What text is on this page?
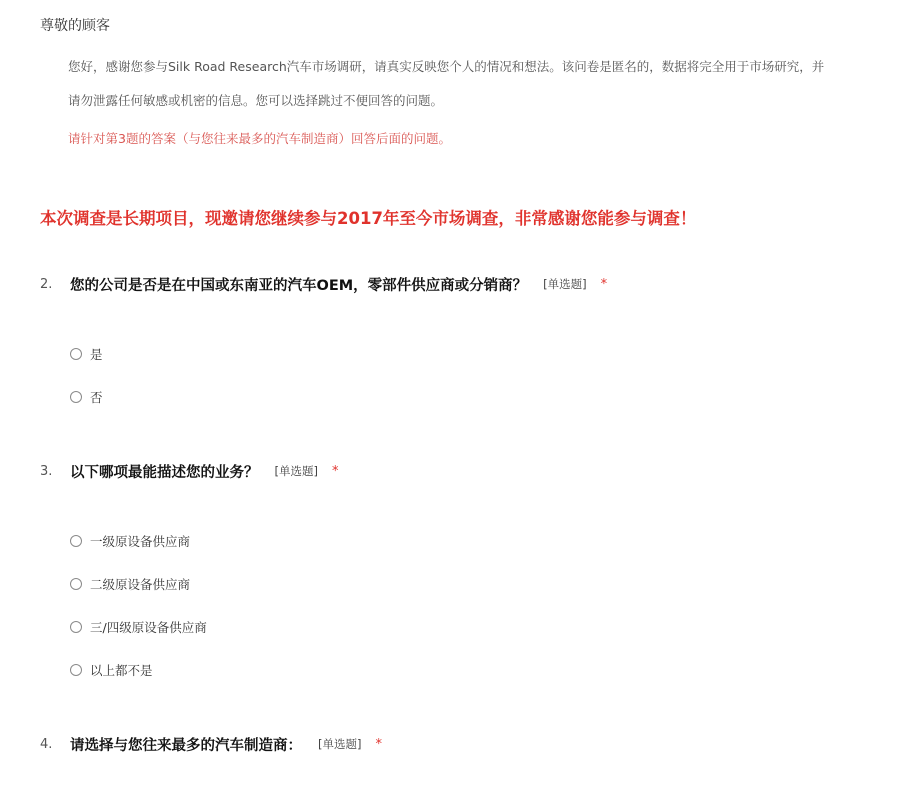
尊敬的顾客
您好，感谢您参与Silk Road Research汽车市场调研，请真实反映您个人的情况和想法。该问卷是匿名的，数据将完全用于市场研究，并
请勿泄露任何敏感或机密的信息。您可以选择跳过不便回答的问题。
请针对第3题的答案（与您往来最多的汽车制造商）回答后面的问题。
本次调查是长期项目，现邀请您继续参与2017年至今市场调查，非常感谢您能参与调查！
2.	您的公司是否是在中国或东南亚的汽车OEM，零部件供应商或分销商？ [单选题] *
是
否
3.	以下哪项最能描述您的业务？ [单选题] *
一级原设备供应商
二级原设备供应商
三/四级原设备供应商
以上都不是
4.	请选择与您往来最多的汽车制造商： [单选题] *
